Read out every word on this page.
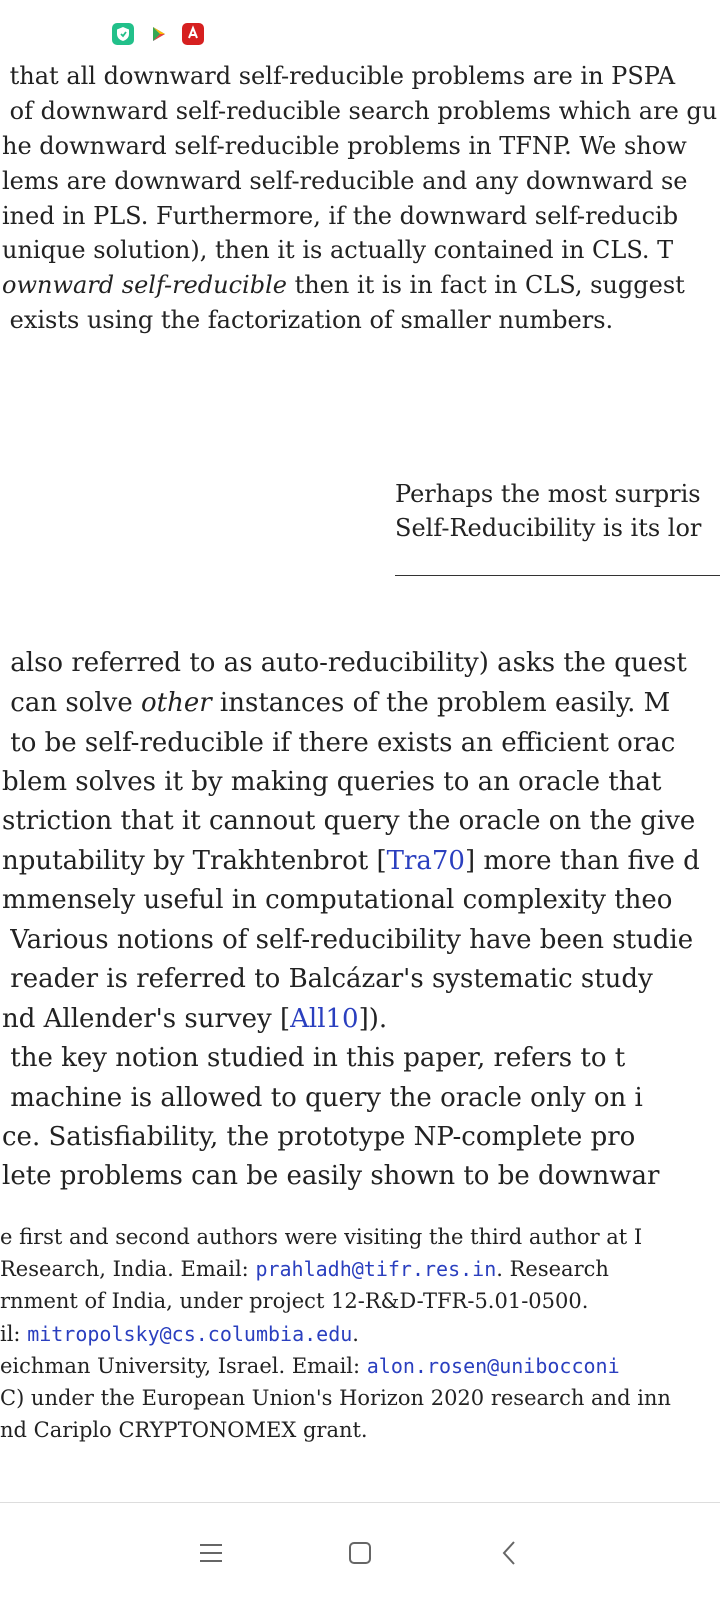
that all downward self-reducible problems are in PSPA
of downward self-reducible search problems which are gu
he downward self-reducible problems in TFNP. We show
lems are downward self-reducible and any downward se
ined in PLS. Furthermore, if the downward self-reducib
unique solution), then it is actually contained in CLS. T
ownward self-reducible then it is in fact in CLS, suggest
exists using the factorization of smaller numbers.
Perhaps the most surpris
Self-Reducibility is its lor
also referred to as auto-reducibility) asks the quest
can solve other instances of the problem easily. M
to be self-reducible if there exists an efficient orac
blem solves it by making queries to an oracle that
striction that it cannout query the oracle on the give
nputability by Trakhtenbrot [Tra70] more than five d
mmensely useful in computational complexity theo
Various notions of self-reducibility have been studie
reader is referred to Balcázar's systematic study
nd Allender's survey [All10]).
the key notion studied in this paper, refers to t
machine is allowed to query the oracle only on i
ce. Satisfiability, the prototype NP-complete pro
lete problems can be easily shown to be downwar
e first and second authors were visiting the third author at I
Research, India. Email: prahladh@tifr.res.in. Research
rnment of India, under project 12-R&D-TFR-5.01-0500.
il: mitropolsky@cs.columbia.edu.
eichman University, Israel. Email: alon.rosen@unibocconi
C) under the European Union's Horizon 2020 research and inn
nd Cariplo CRYPTONOMEX grant.
